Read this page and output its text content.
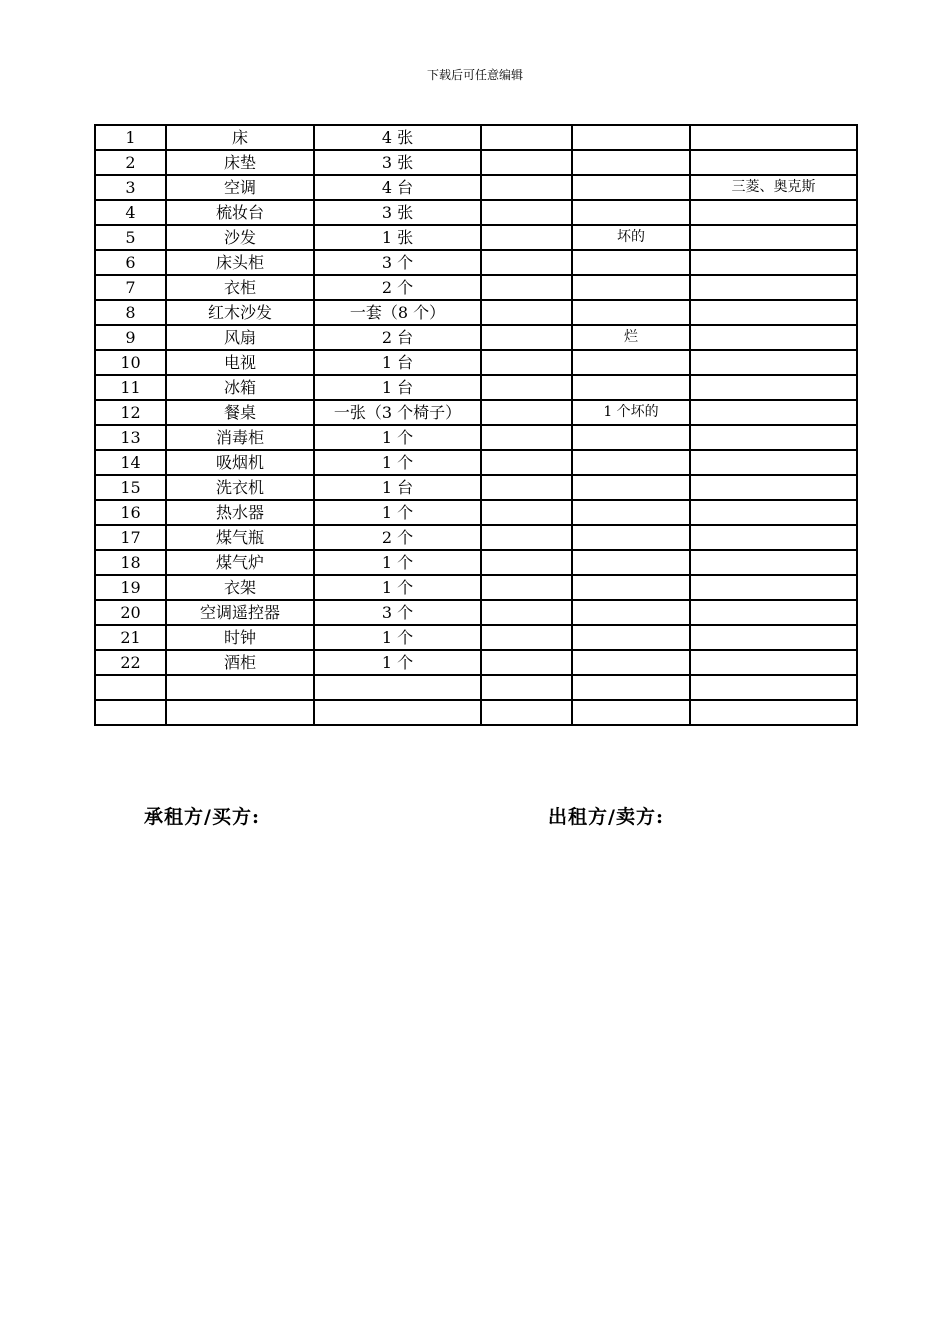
下载后可任意编辑
1	床	4 张			
2	床垫	3 张			
3	空调	4 台			三菱、奥克斯
4	梳妆台	3 张			
5	沙发	1 张		坏的	
6	床头柜	3 个			
7	衣柜	2 个			
8	红木沙发	一套（8 个）			
9	风扇	2 台		烂	
10	电视	1 台			
11	冰箱	1 台			
12	餐桌	一张（3 个椅子）		1 个坏的	
13	消毒柜	1 个			
14	吸烟机	1 个			
15	洗衣机	1 台			
16	热水器	1 个			
17	煤气瓶	2 个			
18	煤气炉	1 个			
19	衣架	1 个			
20	空调遥控器	3 个			
21	时钟	1 个			
22	酒柜	1 个			

承租方/买方:	出租方/卖方:
